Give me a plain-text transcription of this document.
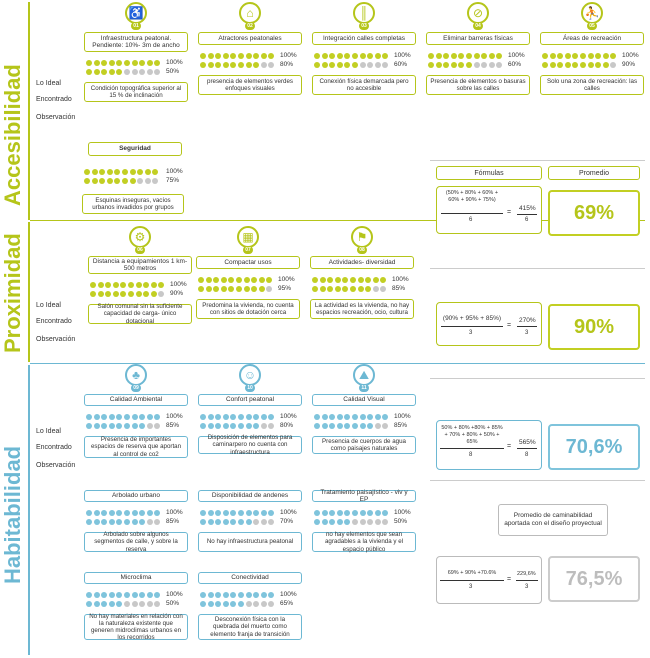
Accesibilidad
Proximidad
Habitabilidad
Lo Ideal
Encontrado
Observación
Lo Ideal
Encontrado
Observación
Lo Ideal
Encontrado
Observación
Seguridad
100%
75%
Esquinas inseguras, vacíos urbanos invadidos por grupos
Fórmulas	Promedio
(50% + 80% + 60% + 60% + 90% + 75%)
6
=
415%
6	69%
(90% + 95% + 85%)
3
=
270%
3	90%
50% + 80% +80% + 85% + 70% + 80% + 50% + 65%
8
=
565%
8	70,6%
Promedio de caminabilidad aportada con el diseño proyectual
69% + 90% +70.6%
3
=
229,6%
3	76,5%
♿
01
Infraestructura peatonal. Pendiente: 10%- 3m de ancho
100%
50%
Condición topográfica superior al 15 % de inclinación
⌂
02
Atractores peatonales
100%
80%
presencia de elementos verdes enfoques visuales
║
03
Integración calles completas
100%
60%
Conexión física demarcada pero no accesible
⊘
04
Eliminar barreras físicas
100%
60%
Presencia de elementos o basuras sobre las calles
⛹
05
Áreas de recreación
100%
90%
Solo una zona de recreación: las calles
⚙
06
Distancia a equipamientos 1 km-500 metros
100%
90%
Salón comunal sin la suficiente capacidad de carga- único dotacional
▦
07
Compactar usos
100%
95%
Predomina la vivienda, no cuenta con sitios de dotación cerca
⚑
08
Actividades- diversidad
100%
85%
La actividad es la vivienda, no hay espacios recreación, ocio, cultura
♣
09
Calidad Ambiental
100%
85%
Presencia de importantes espacios de reserva que aportan al control de co2
☺
10
Confort peatonal
100%
80%
Disposición de elementos para caminarpero no cuenta con infraestructura
⛰
11
Calidad Visual
100%
85%
Presencia de cuerpos de agua como paisajes naturales
Arbolado urbano
100%
85%
Arbolado sobre algunos segmentos de calle, y sobre la reserva
Disponibilidad de andenes
100%
70%
No hay infraestructura peatonal
Tratamiento paisajístico - viv y EP
100%
50%
no hay elementos que sean agradables a la vivienda y el espacio público
Microclima
100%
50%
No hay materiales en relación con la naturaleza existente que generen midroclimas urbanos en los recorridos
Conectividad
100%
65%
Desconexión física con la quebrada del muerto como elemento franja de transición
